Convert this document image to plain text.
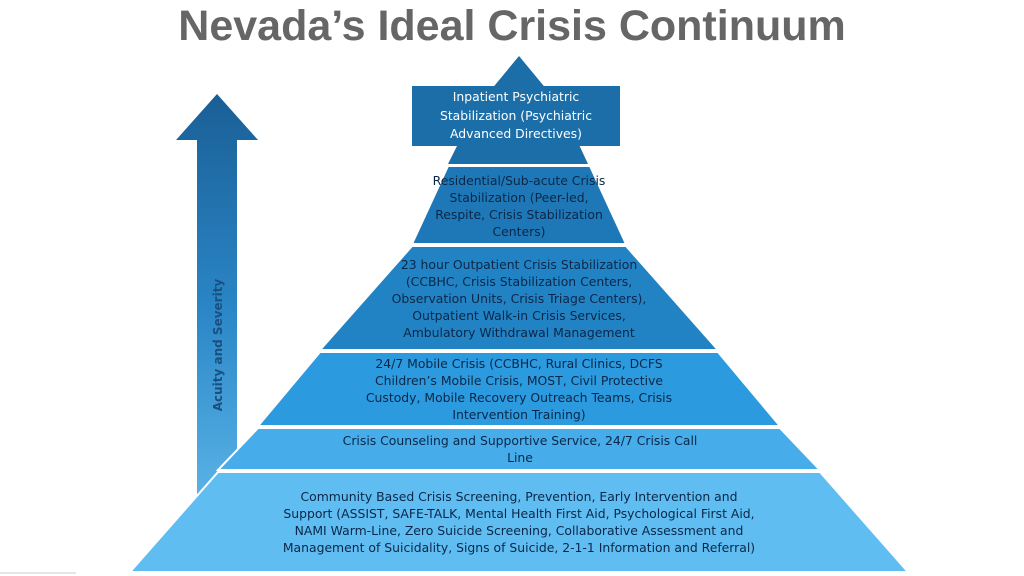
Nevada’s Ideal Crisis Continuum
Acuity and Severity
Inpatient Psychiatric Stabilization (Psychiatric Advanced Directives)
Residential/Sub-acute Crisis Stabilization (Peer-led, Respite, Crisis Stabilization Centers)
23 hour Outpatient Crisis Stabilization (CCBHC, Crisis Stabilization Centers, Observation Units, Crisis Triage Centers), Outpatient Walk-in Crisis Services, Ambulatory Withdrawal Management
24/7 Mobile Crisis (CCBHC, Rural Clinics, DCFS Children’s Mobile Crisis, MOST, Civil Protective Custody, Mobile Recovery Outreach Teams, Crisis Intervention Training)
Crisis Counseling and Supportive Service, 24/7 Crisis Call Line
Community Based Crisis Screening, Prevention, Early Intervention and Support (ASSIST, SAFE-TALK, Mental Health First Aid, Psychological First Aid, NAMI Warm-Line, Zero Suicide Screening, Collaborative Assessment and Management of Suicidality, Signs of Suicide, 2-1-1 Information and Referral)
